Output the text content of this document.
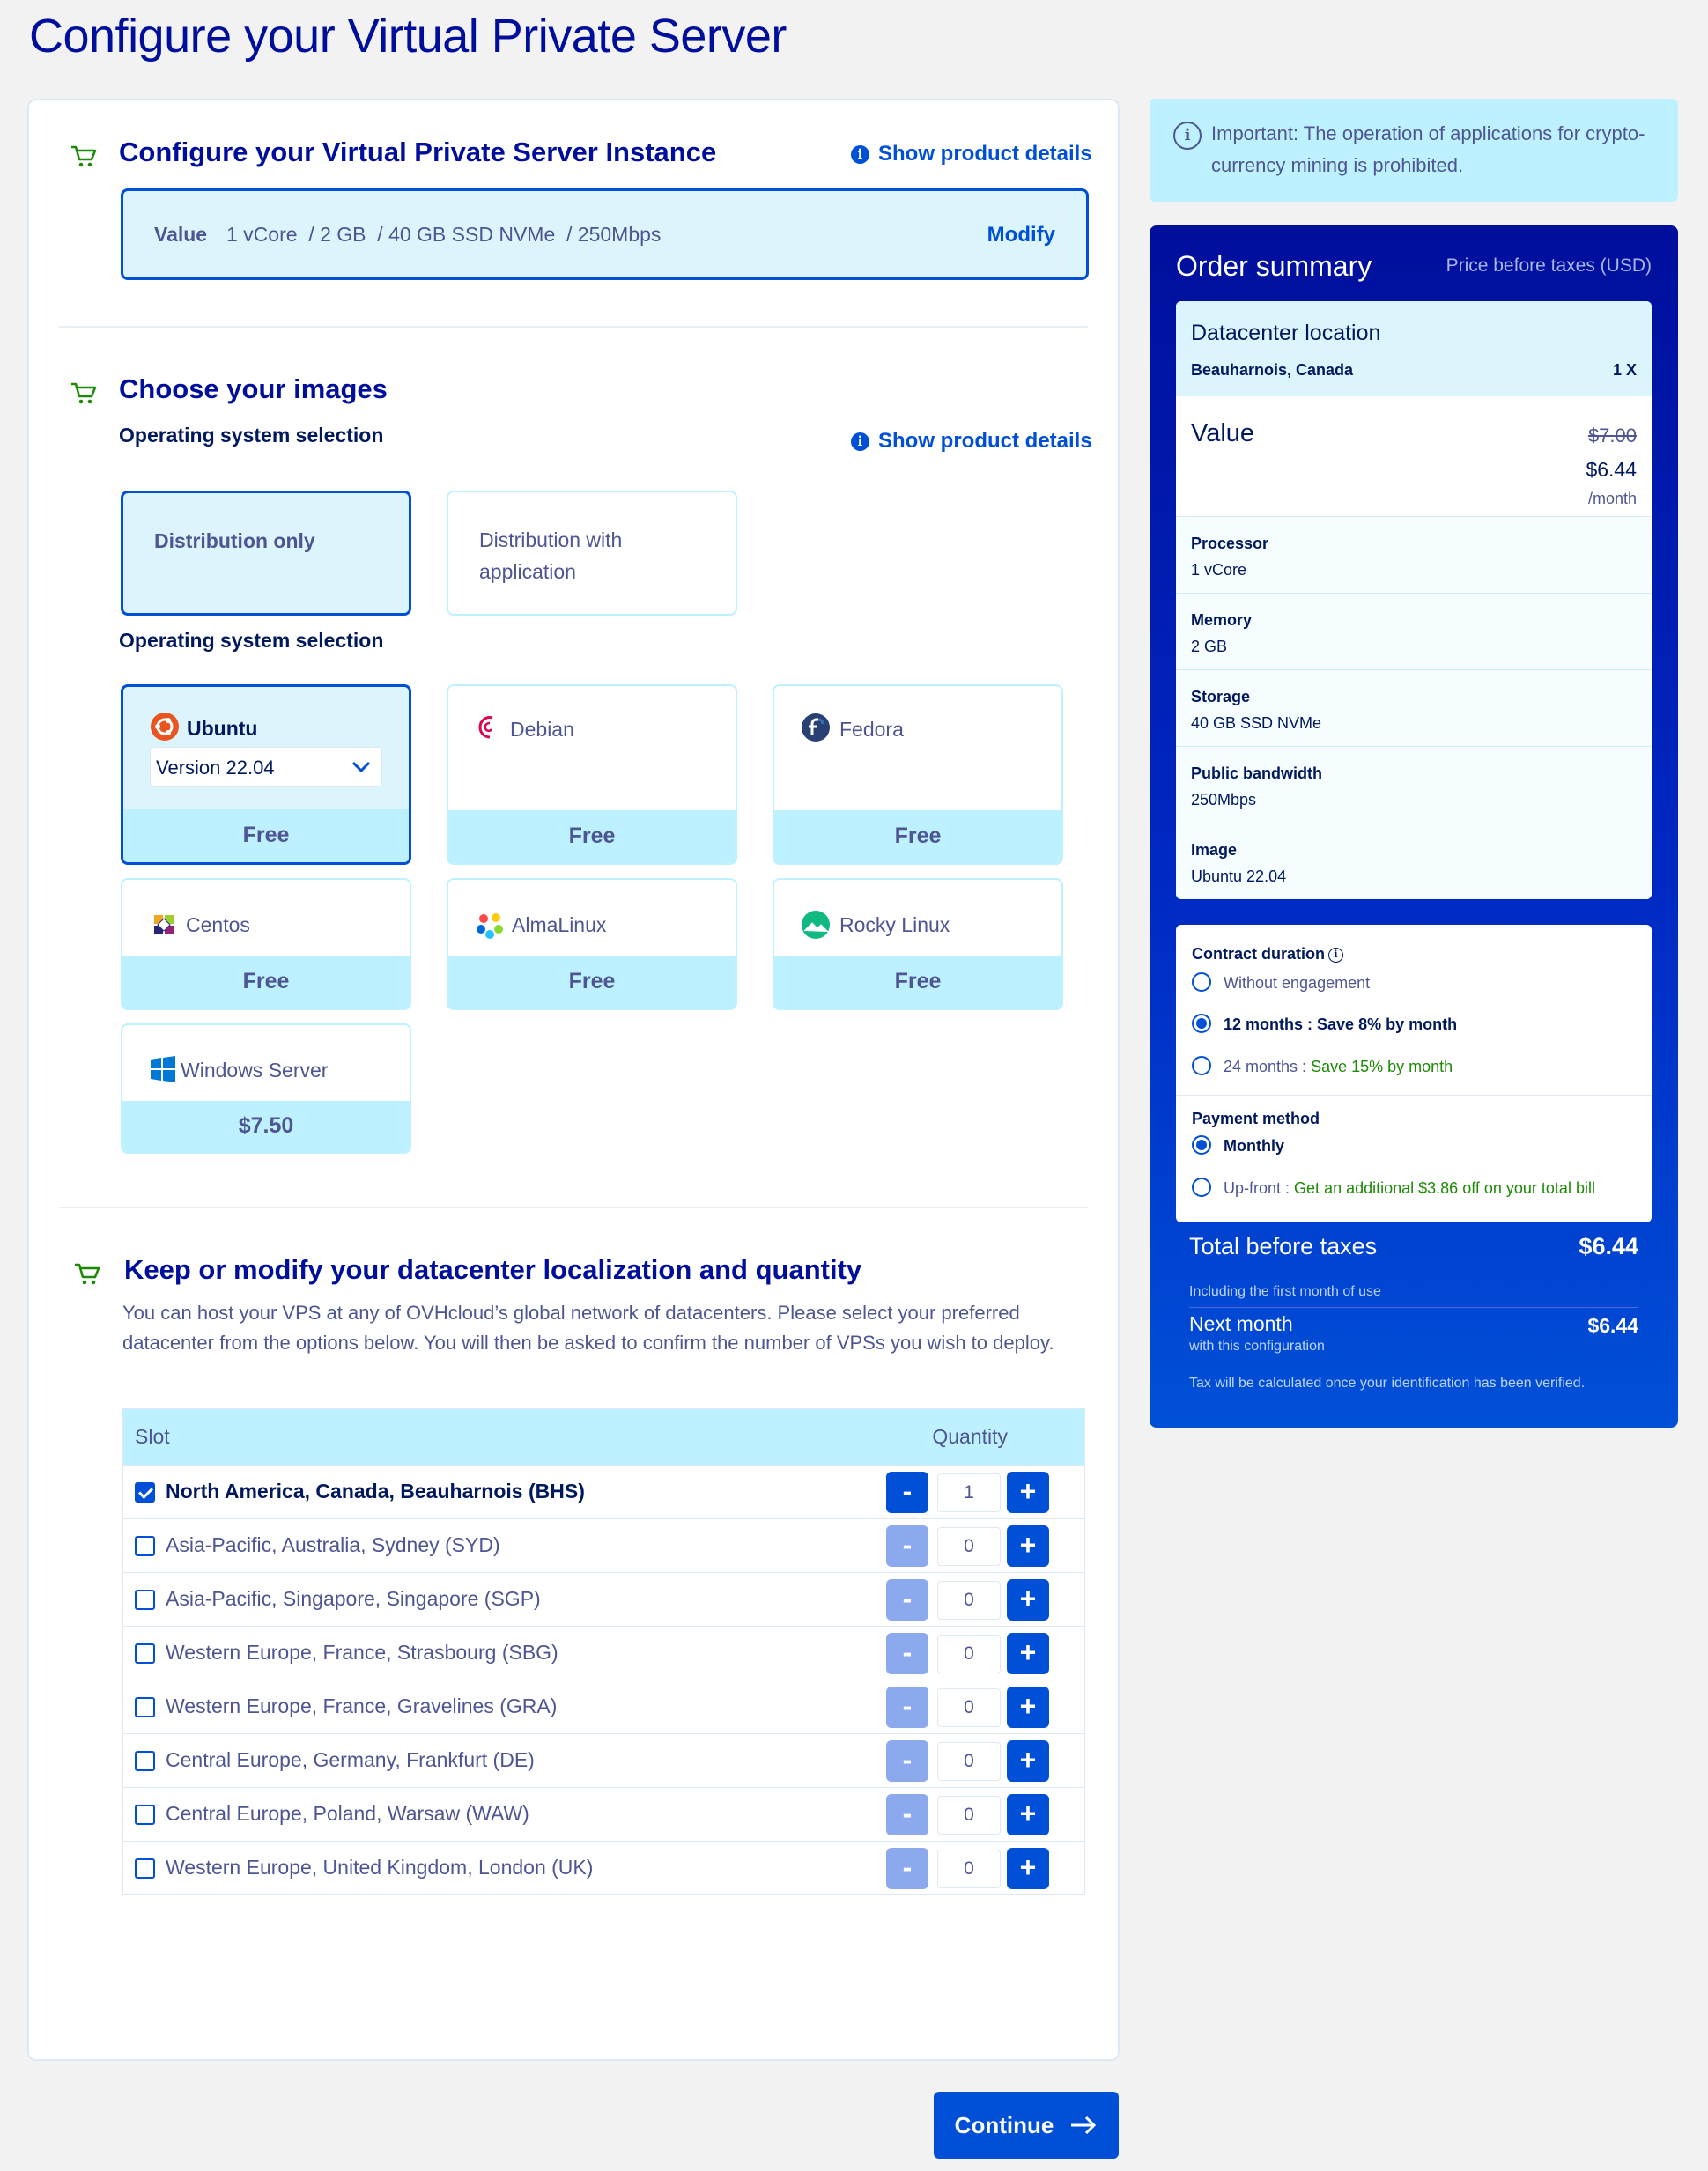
Configure your Virtual Private Server
Configure your Virtual Private Server Instance	i Show product details
Value 1 vCore  / 2 GB  / 40 GB SSD NVMe  / 250Mbps	Modify
Choose your images
Operating system selection	i Show product details
Distribution only	Distribution with application
Operating system selection
Ubuntu
Version 22.04
Free
Debian
Free
Fedora
Free
Centos
Free
AlmaLinux
Free
Rocky Linux
Free
Windows Server
$7.50
Keep or modify your datacenter localization and quantity
You can host your VPS at any of OVHcloud’s global network of datacenters. Please select your preferred datacenter from the options below. You will then be asked to confirm the number of VPSs you wish to deploy.
Slot	Quantity
North America, Canada, Beauharnois (BHS)	-	1	+
Asia-Pacific, Australia, Sydney (SYD)	-	0	+
Asia-Pacific, Singapore, Singapore (SGP)	-	0	+
Western Europe, France, Strasbourg (SBG)	-	0	+
Western Europe, France, Gravelines (GRA)	-	0	+
Central Europe, Germany, Frankfurt (DE)	-	0	+
Central Europe, Poland, Warsaw (WAW)	-	0	+
Western Europe, United Kingdom, London (UK)	-	0	+
Continue
i	Important: The operation of applications for crypto-currency mining is prohibited.

Order summary	Price before taxes (USD)
Datacenter location
Beauharnois, Canada	1 X
Value	$7.00
$6.44
/month
Processor
1 vCore
Memory
2 GB
Storage
40 GB SSD NVMe
Public bandwidth
250Mbps
Image
Ubuntu 22.04
Contract duration i
Without engagement
12 months : Save 8% by month
24 months : Save 15% by month
Payment method
Monthly
Up-front : Get an additional $3.86 off on your total bill
Total before taxes	$6.44
Including the first month of use
Next month
with this configuration
$6.44
Tax will be calculated once your identification has been verified.
